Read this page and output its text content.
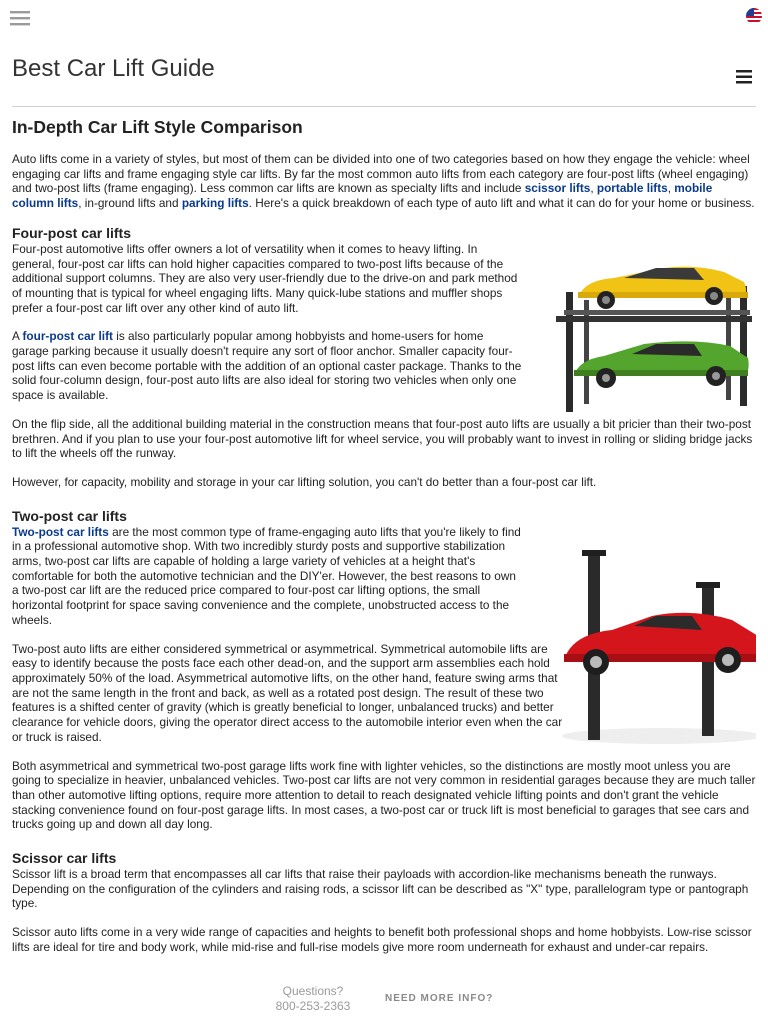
Best Car Lift Guide
In-Depth Car Lift Style Comparison

Auto lifts come in a variety of styles, but most of them can be divided into one of two categories based on how they engage the vehicle: wheel engaging car lifts and frame engaging style car lifts. By far the most common auto lifts from each category are four-post lifts (wheel engaging) and two-post lifts (frame engaging). Less common car lifts are known as specialty lifts and include scissor lifts, portable lifts, mobile column lifts, in-ground lifts and parking lifts. Here's a quick breakdown of each type of auto lift and what it can do for your home or business.

Four-post car lifts

Four-post automotive lifts offer owners a lot of versatility when it comes to heavy lifting. In general, four-post car lifts can hold higher capacities compared to two-post lifts because of the additional support columns. They are also very user-friendly due to the drive-on and park method of mounting that is typical for wheel engaging lifts. Many quick-lube stations and muffler shops prefer a four-post car lift over any other kind of auto lift.

A four-post car lift is also particularly popular among hobbyists and home-users for home garage parking because it usually doesn't require any sort of floor anchor. Smaller capacity four-post lifts can even become portable with the addition of an optional caster package. Thanks to the solid four-column design, four-post auto lifts are also ideal for storing two vehicles when only one space is available.

On the flip side, all the additional building material in the construction means that four-post auto lifts are usually a bit pricier than their two-post brethren. And if you plan to use your four-post automotive lift for wheel service, you will probably want to invest in rolling or sliding bridge jacks to lift the wheels off the runway.

However, for capacity, mobility and storage in your car lifting solution, you can't do better than a four-post car lift.

Two-post car lifts

Two-post car lifts are the most common type of frame-engaging auto lifts that you're likely to find in a professional automotive shop. With two incredibly sturdy posts and supportive stabilization arms, two-post car lifts are capable of holding a large variety of vehicles at a height that's comfortable for both the automotive technician and the DIY'er. However, the best reasons to own a two-post car lift are the reduced price compared to four-post car lifting options, the small horizontal footprint for space saving convenience and the complete, unobstructed access to the wheels.

Two-post auto lifts are either considered symmetrical or asymmetrical. Symmetrical automobile lifts are easy to identify because the posts face each other dead-on, and the support arm assemblies each hold approximately 50% of the load. Asymmetrical automotive lifts, on the other hand, feature swing arms that are not the same length in the front and back, as well as a rotated post design. The result of these two features is a shifted center of gravity (which is greatly beneficial to longer, unbalanced trucks) and better clearance for vehicle doors, giving the operator direct access to the automobile interior even when the car or truck is raised.

Both asymmetrical and symmetrical two-post garage lifts work fine with lighter vehicles, so the distinctions are mostly moot unless you are going to specialize in heavier, unbalanced vehicles. Two-post car lifts are not very common in residential garages because they are much taller than other automotive lifting options, require more attention to detail to reach designated vehicle lifting points and don't grant the vehicle stacking convenience found on four-post garage lifts. In most cases, a two-post car or truck lift is most beneficial to garages that see cars and trucks going up and down all day long.

Scissor car lifts

Scissor lift is a broad term that encompasses all car lifts that raise their payloads with accordion-like mechanisms beneath the runways. Depending on the configuration of the cylinders and raising rods, a scissor lift can be described as "X" type, parallelogram type or pantograph type.

Scissor auto lifts come in a very wide range of capacities and heights to benefit both professional shops and home hobbyists. Low-rise scissor lifts are ideal for tire and body work, while mid-rise and full-rise models give more room underneath for exhaust and under-car repairs.

Questions?
800-253-2363
NEED MORE INFO?
